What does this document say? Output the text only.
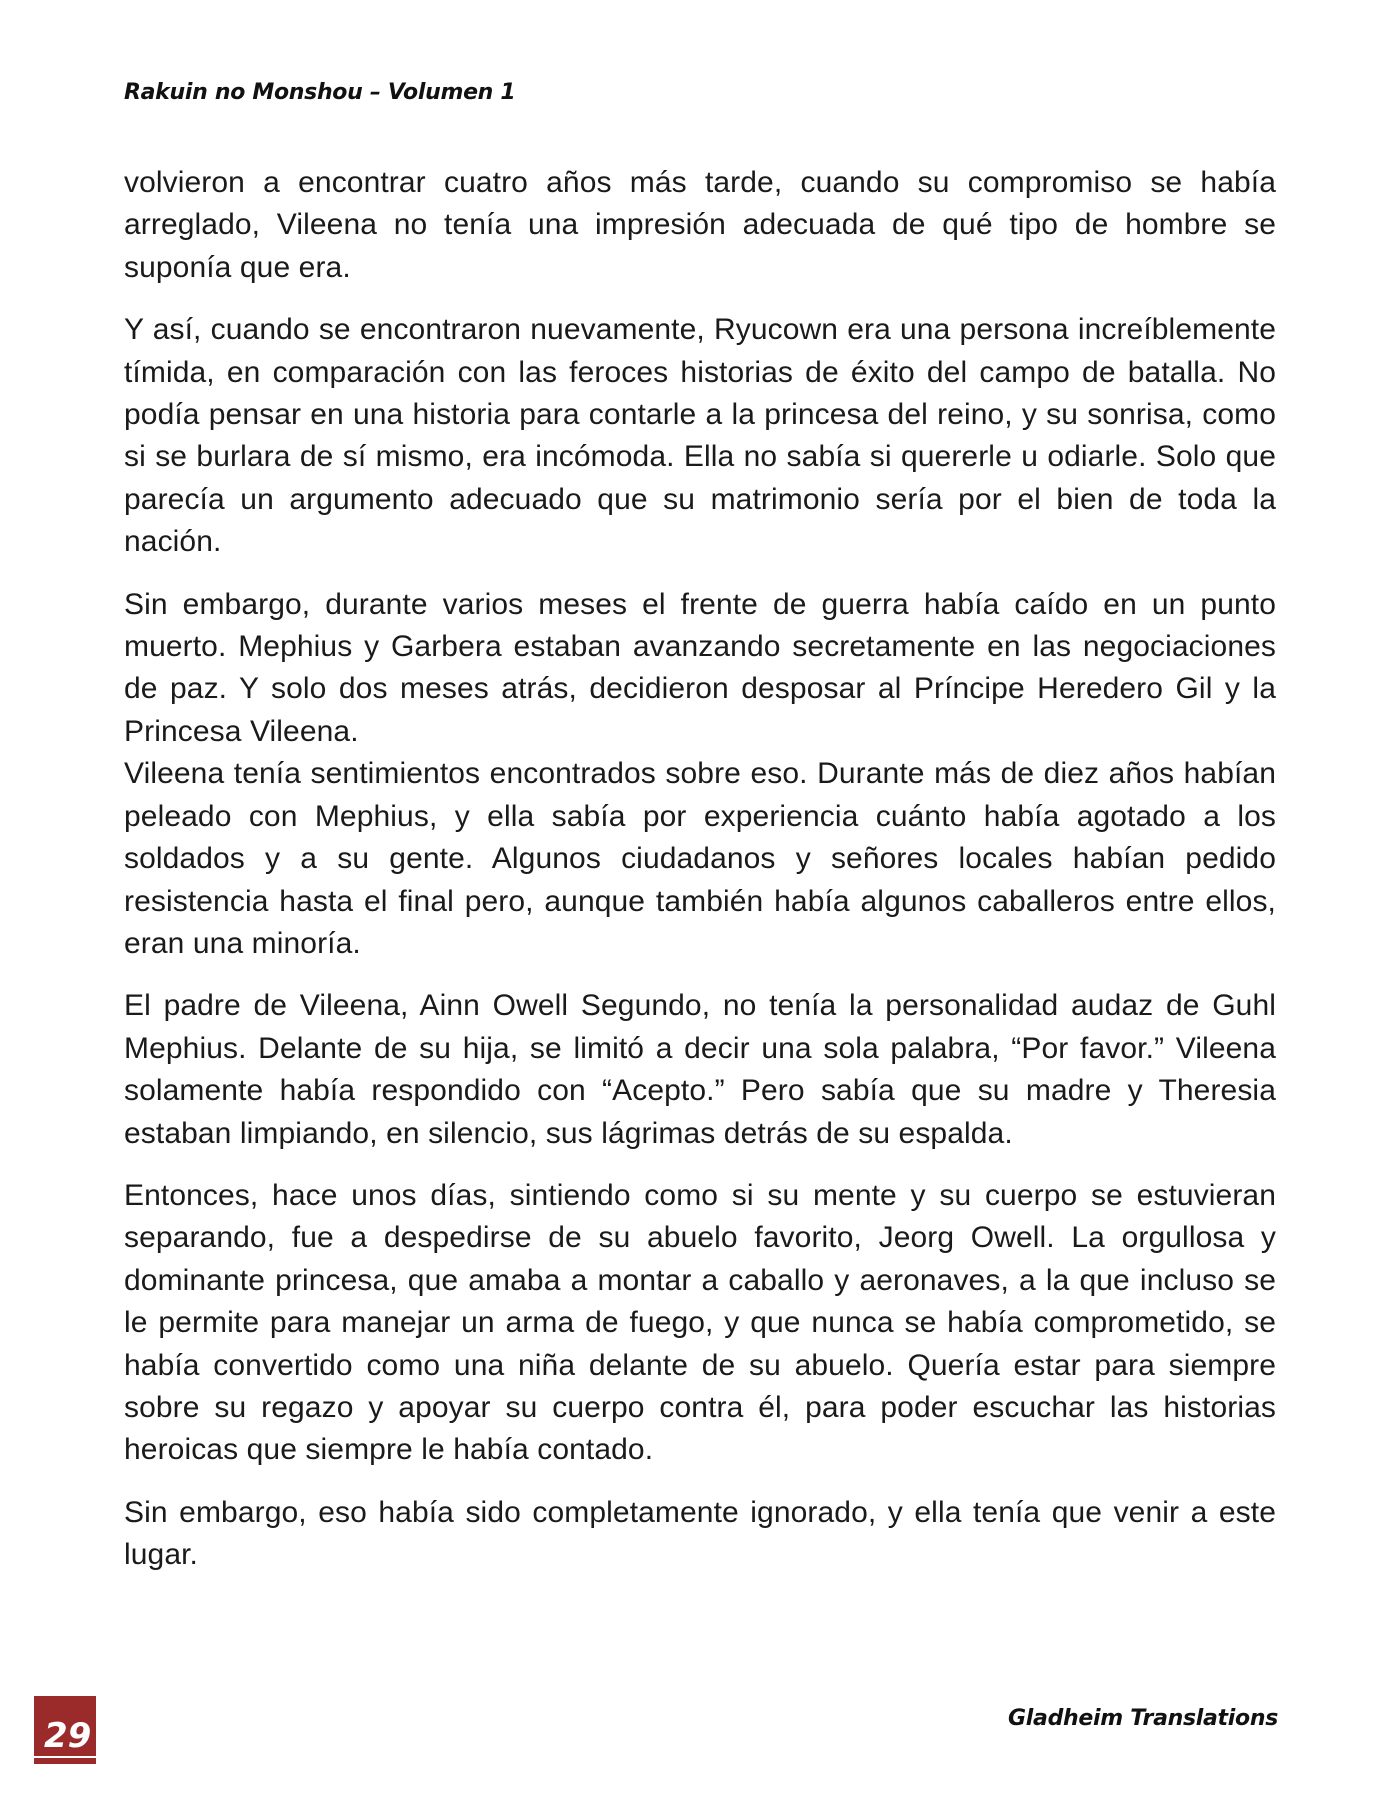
Rakuin no Monshou – Volumen 1

volvieron a encontrar cuatro años más tarde, cuando su compromiso se había arreglado, Vileena no tenía una impresión adecuada de qué tipo de hombre se suponía que era.

Y así, cuando se encontraron nuevamente, Ryucown era una persona increíblemente tímida, en comparación con las feroces historias de éxito del campo de batalla. No podía pensar en una historia para contarle a la princesa del reino, y su sonrisa, como si se burlara de sí mismo, era incómoda. Ella no sabía si quererle u odiarle. Solo que parecía un argumento adecuado que su matrimonio sería por el bien de toda la nación.

Sin embargo, durante varios meses el frente de guerra había caído en un punto muerto. Mephius y Garbera estaban avanzando secretamente en las negociaciones de paz. Y solo dos meses atrás, decidieron desposar al Príncipe Heredero Gil y la Princesa Vileena.

Vileena tenía sentimientos encontrados sobre eso. Durante más de diez años habían peleado con Mephius, y ella sabía por experiencia cuánto había agotado a los soldados y a su gente. Algunos ciudadanos y señores locales habían pedido resistencia hasta el final pero, aunque también había algunos caballeros entre ellos, eran una minoría.

El padre de Vileena, Ainn Owell Segundo, no tenía la personalidad audaz de Guhl Mephius. Delante de su hija, se limitó a decir una sola palabra, “Por favor.” Vileena solamente había respondido con “Acepto.” Pero sabía que su madre y Theresia estaban limpiando, en silencio, sus lágrimas detrás de su espalda.

Entonces, hace unos días, sintiendo como si su mente y su cuerpo se estuvieran separando, fue a despedirse de su abuelo favorito, Jeorg Owell. La orgullosa y dominante princesa, que amaba a montar a caballo y aeronaves, a la que incluso se le permite para manejar un arma de fuego, y que nunca se había comprometido, se había convertido como una niña delante de su abuelo. Quería estar para siempre sobre su regazo y apoyar su cuerpo contra él, para poder escuchar las historias heroicas que siempre le había contado.

Sin embargo, eso había sido completamente ignorado, y ella tenía que venir a este lugar.

29	Gladheim Translations
